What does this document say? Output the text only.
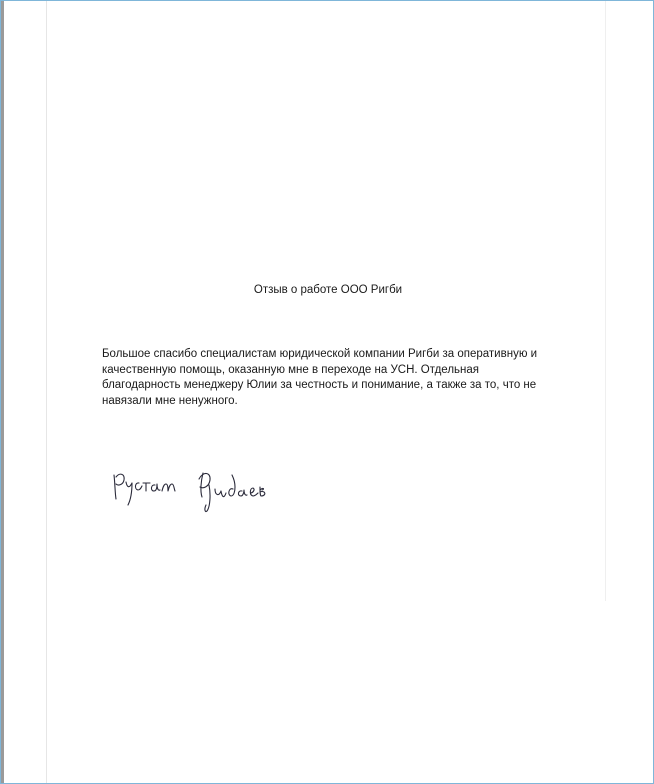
Отзыв о работе ООО Ригби
Большое спасибо специалистам юридической компании Ригби за оперативную и качественную помощь, оказанную мне в переходе на УСН. Отдельная благодарность менеджеру Юлии за честность и понимание, а также за то, что не навязали мне ненужного.
